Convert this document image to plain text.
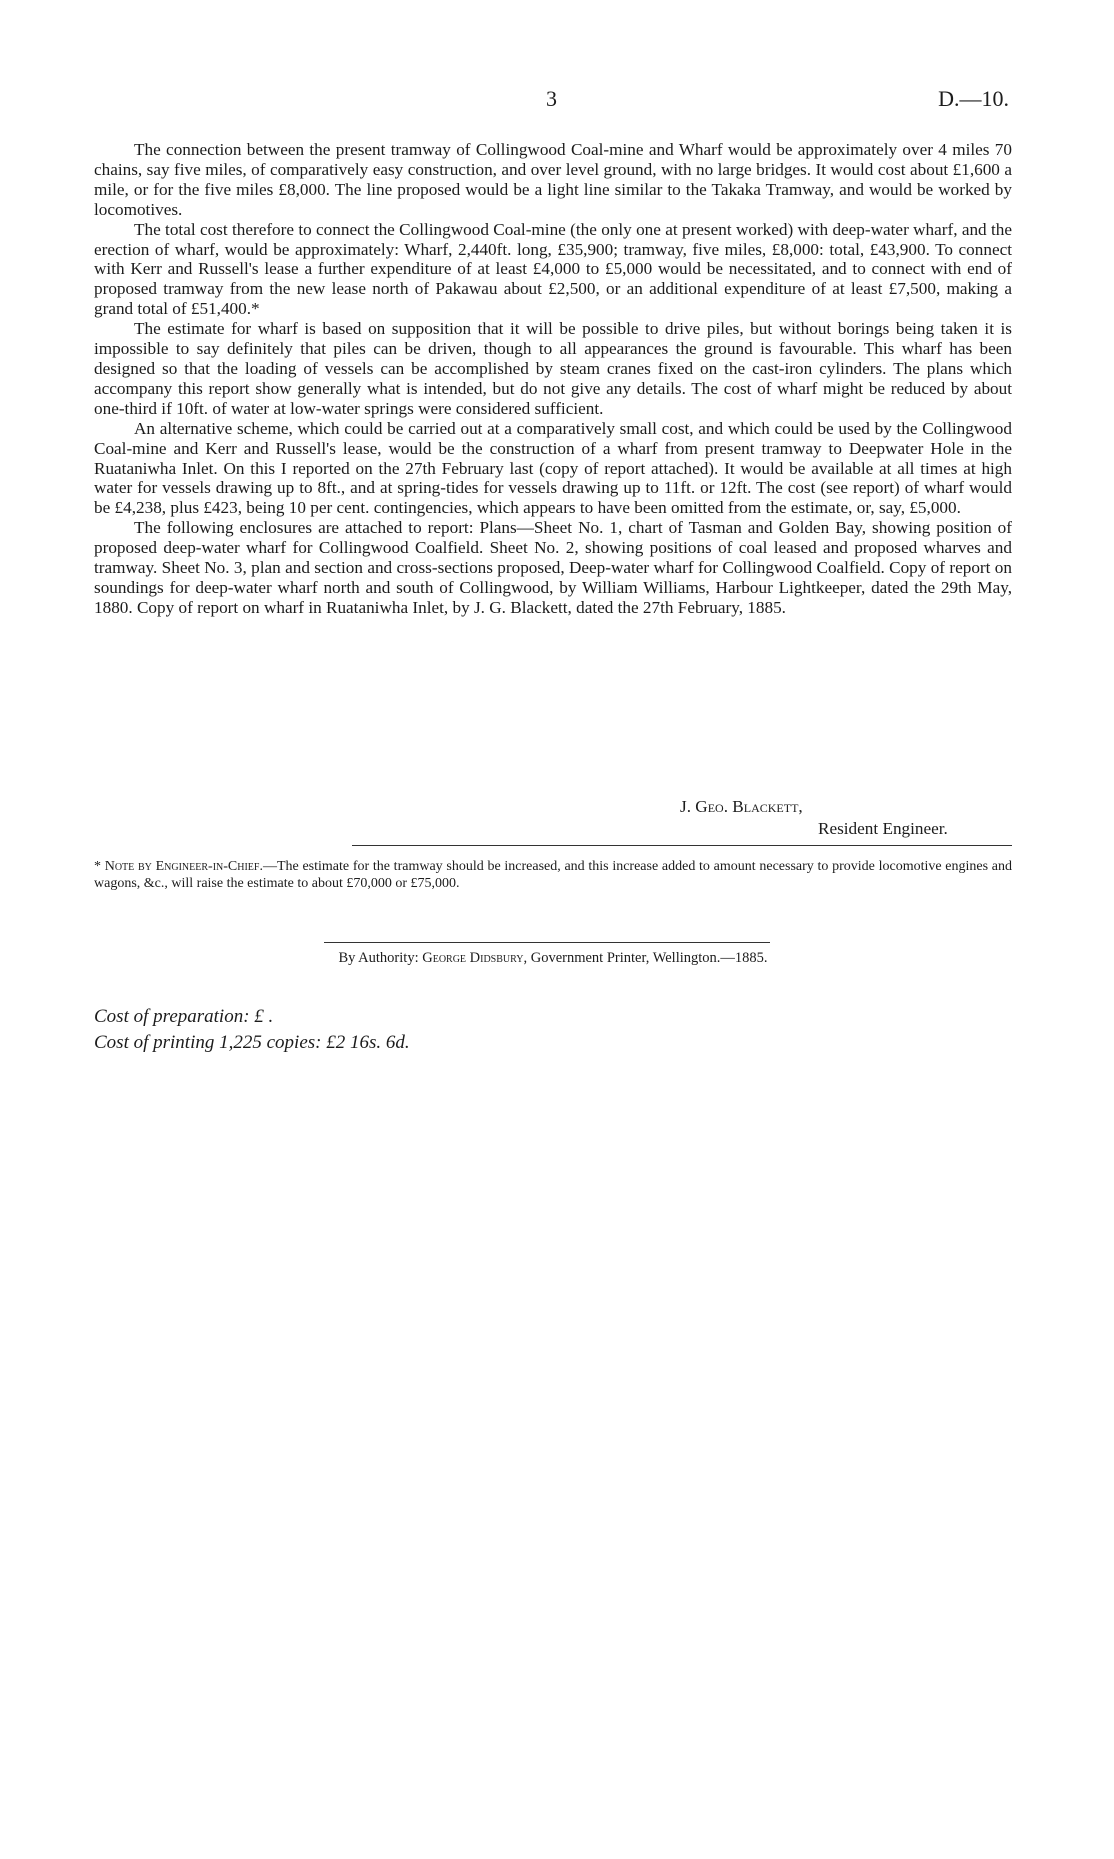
3	D.—10.

The connection between the present tramway of Collingwood Coal-mine and Wharf would be approximately over 4 miles 70 chains, say five miles, of comparatively easy construction, and over level ground, with no large bridges. It would cost about £1,600 a mile, or for the five miles £8,000. The line proposed would be a light line similar to the Takaka Tramway, and would be worked by locomotives.

The total cost therefore to connect the Collingwood Coal-mine (the only one at present worked) with deep-water wharf, and the erection of wharf, would be approximately: Wharf, 2,440ft. long, £35,900; tramway, five miles, £8,000: total, £43,900. To connect with Kerr and Russell's lease a further expenditure of at least £4,000 to £5,000 would be necessitated, and to connect with end of proposed tramway from the new lease north of Pakawau about £2,500, or an additional expenditure of at least £7,500, making a grand total of £51,400.*

The estimate for wharf is based on supposition that it will be possible to drive piles, but without borings being taken it is impossible to say definitely that piles can be driven, though to all appearances the ground is favourable. This wharf has been designed so that the loading of vessels can be accomplished by steam cranes fixed on the cast-iron cylinders. The plans which accompany this report show generally what is intended, but do not give any details. The cost of wharf might be reduced by about one-third if 10ft. of water at low-water springs were considered sufficient.

An alternative scheme, which could be carried out at a comparatively small cost, and which could be used by the Collingwood Coal-mine and Kerr and Russell's lease, would be the construction of a wharf from present tramway to Deepwater Hole in the Ruataniwha Inlet. On this I reported on the 27th February last (copy of report attached). It would be available at all times at high water for vessels drawing up to 8ft., and at spring-tides for vessels drawing up to 11ft. or 12ft. The cost (see report) of wharf would be £4,238, plus £423, being 10 per cent. contingencies, which appears to have been omitted from the estimate, or, say, £5,000.

The following enclosures are attached to report: Plans—Sheet No. 1, chart of Tasman and Golden Bay, showing position of proposed deep-water wharf for Collingwood Coalfield. Sheet No. 2, showing positions of coal leased and proposed wharves and tramway. Sheet No. 3, plan and section and cross-sections proposed, Deep-water wharf for Collingwood Coalfield. Copy of report on soundings for deep-water wharf north and south of Collingwood, by William Williams, Harbour Lightkeeper, dated the 29th May, 1880. Copy of report on wharf in Ruataniwha Inlet, by J. G. Blackett, dated the 27th February, 1885.

J. Geo. Blackett,
Resident Engineer.
* Note by Engineer-in-Chief.—The estimate for the tramway should be increased, and this increase added to amount necessary to provide locomotive engines and wagons, &c., will raise the estimate to about £70,000 or £75,000.
By Authority: George Didsbury, Government Printer, Wellington.—1885.
Cost of preparation: £ .
Cost of printing 1,225 copies: £2 16s. 6d.
